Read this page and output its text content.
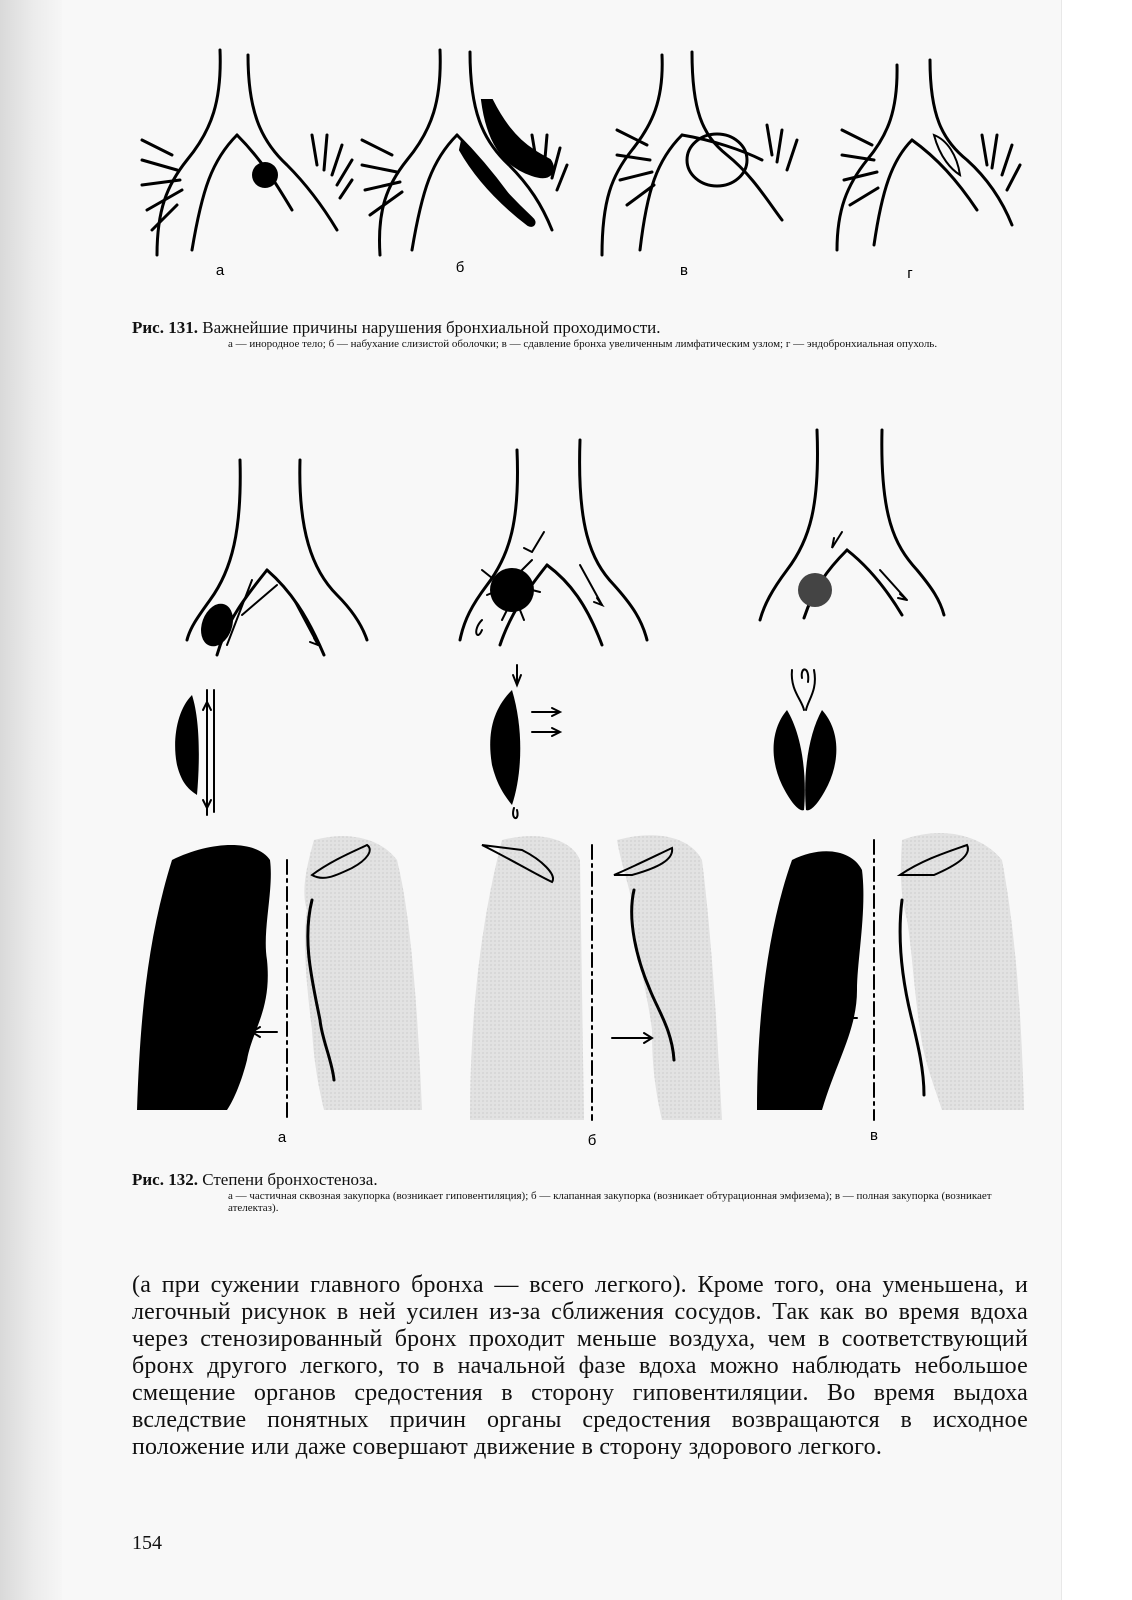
а	б	в	г
Рис. 131. Важнейшие причины нарушения бронхиальной проходимости.
а — инородное тело; б — набухание слизистой оболочки; в — сдавление бронха увеличенным лимфатическим узлом; г — эндобронхиальная опухоль.
а	б	в
Рис. 132. Степени бронхостеноза.
а — частичная сквозная закупорка (возникает гиповентиляция); б — клапанная закупорка (возникает обтурационная эмфизема); в — полная закупорка (возникает ателектаз).
(а при сужении главного бронха — всего легкого). Кроме того, она уменьшена, и легочный рисунок в ней усилен из-за сближения сосудов. Так как во время вдоха через стенозированный бронх проходит меньше воздуха, чем в соответствующий бронх другого легкого, то в начальной фазе вдоха можно наблюдать небольшое смещение органов средостения в сторону гиповентиляции. Во время выдоха вследствие понятных причин органы средостения возвращаются в исходное положение или даже совершают движение в сторону здорового легкого.
154
